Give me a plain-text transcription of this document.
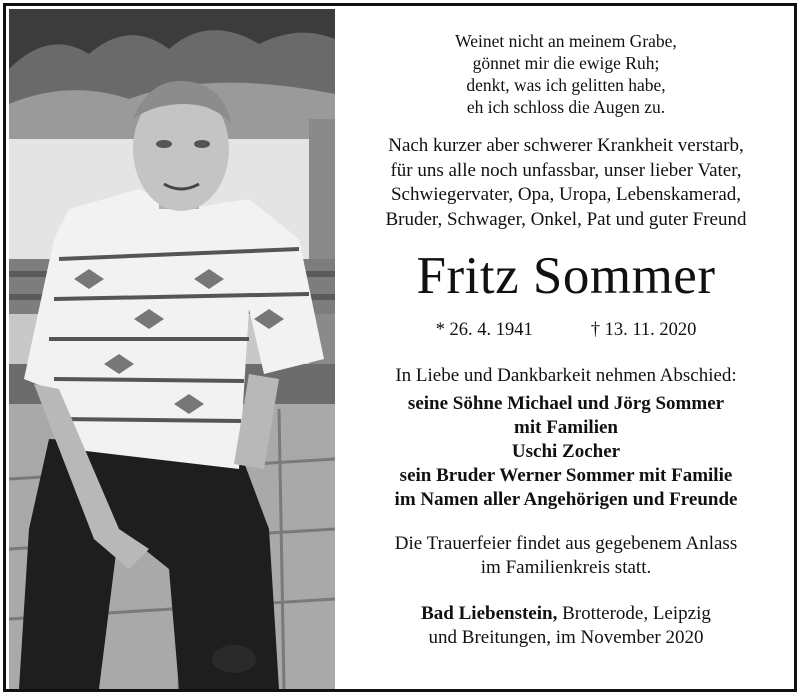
Weinet nicht an meinem Grabe,
gönnet mir die ewige Ruh;
denkt, was ich gelitten habe,
eh ich schloss die Augen zu.
Nach kurzer aber schwerer Krankheit verstarb,
für uns alle noch unfassbar, unser lieber Vater,
Schwiegervater, Opa, Uropa, Lebenskamerad,
Bruder, Schwager, Onkel, Pat und guter Freund
Fritz Sommer
* 26. 4. 1941	† 13. 11. 2020
In Liebe und Dankbarkeit nehmen Abschied:
seine Söhne Michael und Jörg Sommer
mit Familien
Uschi Zocher
sein Bruder Werner Sommer mit Familie
im Namen aller Angehörigen und Freunde
Die Trauerfeier findet aus gegebenem Anlass
im Familienkreis statt.
Bad Liebenstein, Brotterode, Leipzig
und Breitungen, im November 2020
